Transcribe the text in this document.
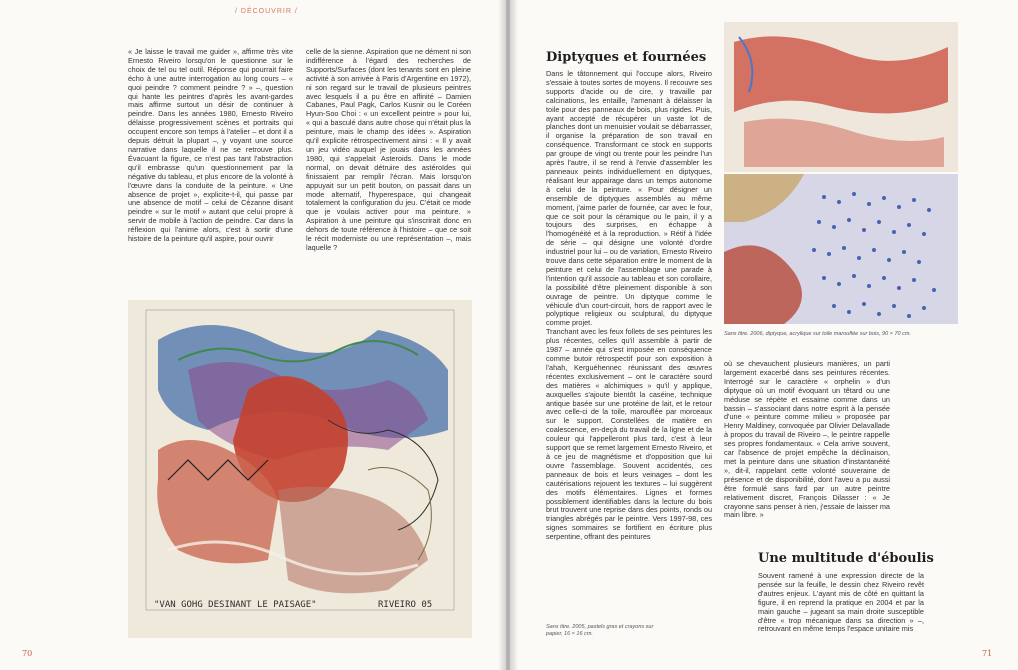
/ DÉCOUVRIR /

« Je laisse le travail me guider », affirme très vite Ernesto Riveiro lorsqu'on le questionne sur le choix de tel ou tel outil. Réponse qui pourrait faire écho à une autre interrogation au long cours – « quoi peindre ? comment peindre ? » –, question qui hante les peintres d'après les avant-gardes mais affirme surtout un désir de continuer à peindre. Dans les années 1980, Ernesto Riveiro délaisse progressivement scènes et portraits qui occupent encore son temps à l'atelier – et dont il a depuis détruit la plupart –, y voyant une source narrative dans laquelle il ne se retrouve plus. Évacuant la figure, ce n'est pas tant l'abstraction qu'il embrasse qu'un questionnement par la négative du tableau, et plus encore de la volonté à l'œuvre dans la conduite de la peinture. « Une absence de projet », explicite-t-il, qui passe par une absence de motif – celui de Cézanne disant peindre « sur le motif » autant que celui propre à servir de mobile à l'action de peindre. Car dans la réflexion qui l'anime alors, c'est à sortir d'une histoire de la peinture qu'il aspire, pour ouvrir

celle de la sienne. Aspiration que ne dément ni son indifférence à l'égard des recherches de Supports/Surfaces (dont les tenants sont en pleine activité à son arrivée à Paris d'Argentine en 1972), ni son regard sur le travail de plusieurs peintres avec lesquels il a pu être en affinité – Damien Cabanes, Paul Pagk, Carlos Kusnir ou le Coréen Hyun-Soo Choi : « un excellent peintre » pour lui, « qui a basculé dans autre chose qui n'était plus la peinture, mais le champ des idées ». Aspiration qu'il explicite rétrospectivement ainsi : « Il y avait un jeu vidéo auquel je jouais dans les années 1980, qui s'appelait Asteroids. Dans le mode normal, on devait détruire des astéroïdes qui finissaient par remplir l'écran. Mais lorsqu'on appuyait sur un petit bouton, on passait dans un mode alternatif, l'hyperespace, qui changeait totalement la configuration du jeu. C'était ce mode que je voulais activer pour ma peinture. » Aspiration à une peinture qui s'inscrirait donc en dehors de toute référence à l'histoire – que ce soit le récit moderniste ou une représentation –, mais laquelle ?

"VAN GOHG DESINANT LE PAISAGE"	RIVEIRO 05
70
Diptyques et fournées

Dans le tâtonnement qui l'occupe alors, Riveiro s'essaie à toutes sortes de moyens. Il recouvre ses supports d'acide ou de cire, y travaille par calcinations, les entaille, l'amenant à délaisser la toile pour des panneaux de bois, plus rigides. Puis, ayant accepté de récupérer un vaste lot de planches dont un menuisier voulait se débarrasser, il organise la préparation de son travail en conséquence. Transformant ce stock en supports par groupe de vingt ou trente pour les peindre l'un après l'autre, il se rend à l'envie d'assembler les panneaux peints individuellement en diptyques, réalisant leur appairage dans un temps autonome à celui de la peinture. « Pour désigner un ensemble de diptyques assemblés au même moment, j'aime parler de fournée, car avec le four, que ce soit pour la céramique ou le pain, il y a toujours des surprises, en échappe à l'homogénéité et à la reproduction. » Rétif à l'idée de série – qui désigne une volonté d'ordre industriel pour lui – ou de variation, Ernesto Riveiro trouve dans cette séparation entre le moment de la peinture et celui de l'assemblage une parade à l'intention qu'il associe au tableau et son corollaire, la possibilité d'être pleinement disponible à son ouvrage de peintre. Un diptyque comme le véhicule d'un court-circuit, hors de rapport avec le polyptique religieux ou sculptural, du diptyque comme projet.

Tranchant avec les feux follets de ses peintures les plus récentes, celles qu'il assemble à partir de 1987 – année qui s'est imposée en conséquence comme butoir rétrospectif pour son exposition à l'ahah, Kerguéhennec réunissant des œuvres récentes exclusivement – ont le caractère sourd des matières « alchimiques » qu'il y applique, auxquelles s'ajoute bientôt la caséine, technique antique basée sur une protéine de lait, et le retour avec celle-ci de la toile, marouflée par morceaux sur le support. Constellées de matière en coalescence, en-deçà du travail de la ligne et de la couleur qui l'appelleront plus tard, c'est à leur support que se remet largement Ernesto Riveiro, et à ce jeu de magnétisme et d'opposition que lui ouvre l'assemblage. Souvent accidentés, ces panneaux de bois et leurs veinages – dont les cautérisations rejouent les textures – lui suggèrent des motifs élémentaires. Lignes et formes possiblement identifiables dans la lecture du bois brut trouvent une reprise dans des points, ronds ou triangles abrégés par le peintre. Vers 1997-98, ces signes sommaires se fortifient en écriture plus serpentine, offrant des peintures

Sans titre. 2006, diptyque, acrylique sur toile marouflée sur bois, 90 × 70 cm.

où se chevauchent plusieurs manières, un parti largement exacerbé dans ses peintures récentes. Interrogé sur le caractère « orphelin » d'un diptyque où un motif évoquant un têtard ou une méduse se répète et essaime comme dans un bassin – s'associant dans notre esprit à la pensée d'une « peinture comme milieu » proposée par Henry Maldiney, convoquée par Olivier Delavallade à propos du travail de Riveiro –, le peintre rappelle ses propres fondamentaux. « Cela arrive souvent, car l'absence de projet empêche la déclinaison, met la peinture dans une situation d'instantanéité », dit-il, rappelant cette volonté souveraine de présence et de disponibilité, dont l'aveu a pu aussi être formulé sans fard par un autre peintre relativement discret, François Dilasser : « Je crayonne sans penser à rien, j'essaie de laisser ma main libre. »

Une multitude d'éboulis

Souvent ramené à une expression directe de la pensée sur la feuille, le dessin chez Riveiro revêt d'autres enjeux. L'ayant mis de côté en quittant la figure, il en reprend la pratique en 2004 et par la main gauche – jugeant sa main droite susceptible d'être « trop mécanique dans sa direction » –, retrouvant en même temps l'espace unitaire mis

Sans titre. 2005, pastels gras et crayons sur papier, 16 × 16 cm.
71
